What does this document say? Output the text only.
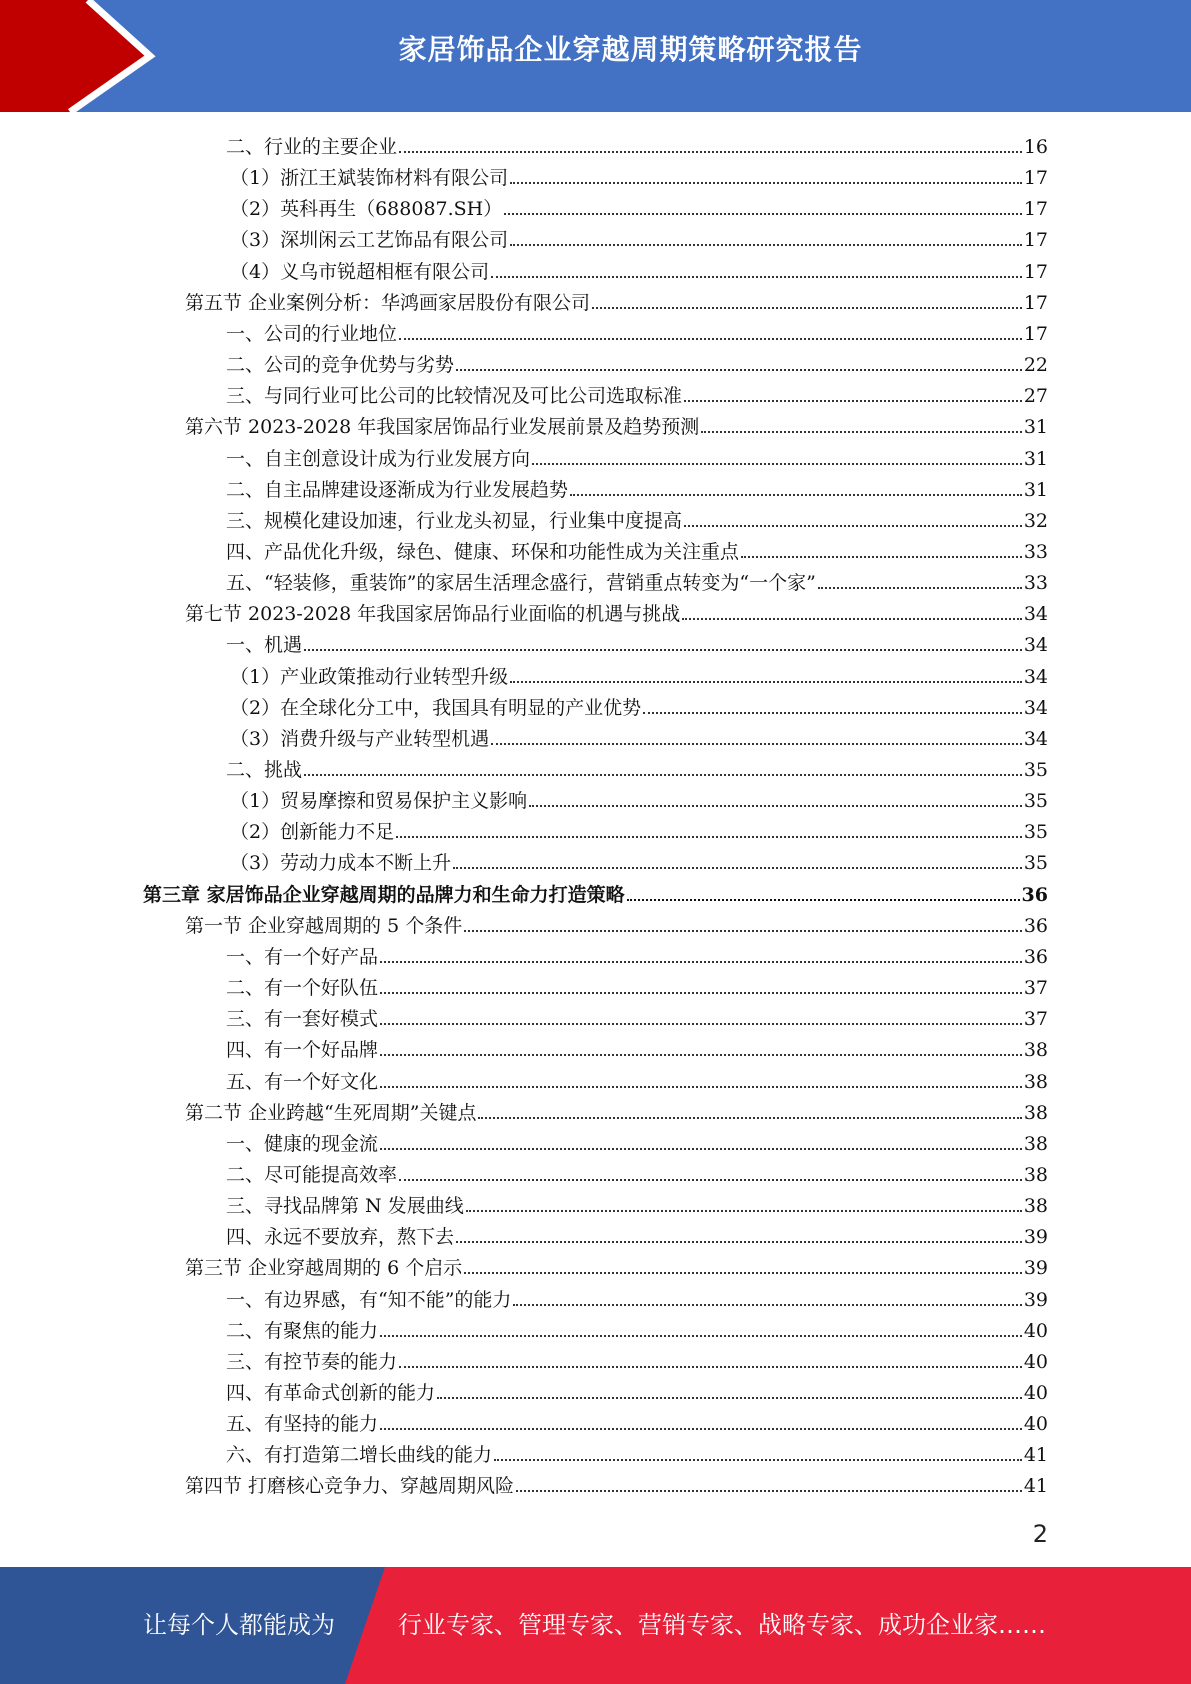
家居饰品企业穿越周期策略研究报告
二、行业的主要企业	16
（1）浙江王斌装饰材料有限公司	17
（2）英科再生（688087.SH）	17
（3）深圳闲云工艺饰品有限公司	17
（4）义乌市锐超相框有限公司	17
第五节 企业案例分析：华鸿画家居股份有限公司	17
一、公司的行业地位	17
二、公司的竞争优势与劣势	22
三、与同行业可比公司的比较情况及可比公司选取标准	27
第六节 2023-2028 年我国家居饰品行业发展前景及趋势预测	31
一、自主创意设计成为行业发展方向	31
二、自主品牌建设逐渐成为行业发展趋势	31
三、规模化建设加速，行业龙头初显，行业集中度提高	32
四、产品优化升级，绿色、健康、环保和功能性成为关注重点	33
五、“轻装修，重装饰”的家居生活理念盛行，营销重点转变为“一个家”	33
第七节 2023-2028 年我国家居饰品行业面临的机遇与挑战	34
一、机遇	34
（1）产业政策推动行业转型升级	34
（2）在全球化分工中，我国具有明显的产业优势	34
（3）消费升级与产业转型机遇	34
二、挑战	35
（1）贸易摩擦和贸易保护主义影响	35
（2）创新能力不足	35
（3）劳动力成本不断上升	35
第三章 家居饰品企业穿越周期的品牌力和生命力打造策略	36
第一节 企业穿越周期的 5 个条件	36
一、有一个好产品	36
二、有一个好队伍	37
三、有一套好模式	37
四、有一个好品牌	38
五、有一个好文化	38
第二节 企业跨越“生死周期”关键点	38
一、健康的现金流	38
二、尽可能提高效率	38
三、寻找品牌第 N 发展曲线	38
四、永远不要放弃，熬下去	39
第三节 企业穿越周期的 6 个启示	39
一、有边界感，有“知不能”的能力	39
二、有聚焦的能力	40
三、有控节奏的能力	40
四、有革命式创新的能力	40
五、有坚持的能力	40
六、有打造第二增长曲线的能力	41
第四节 打磨核心竞争力、穿越周期风险	41
2
让每个人都能成为	行业专家、管理专家、营销专家、战略专家、成功企业家……
